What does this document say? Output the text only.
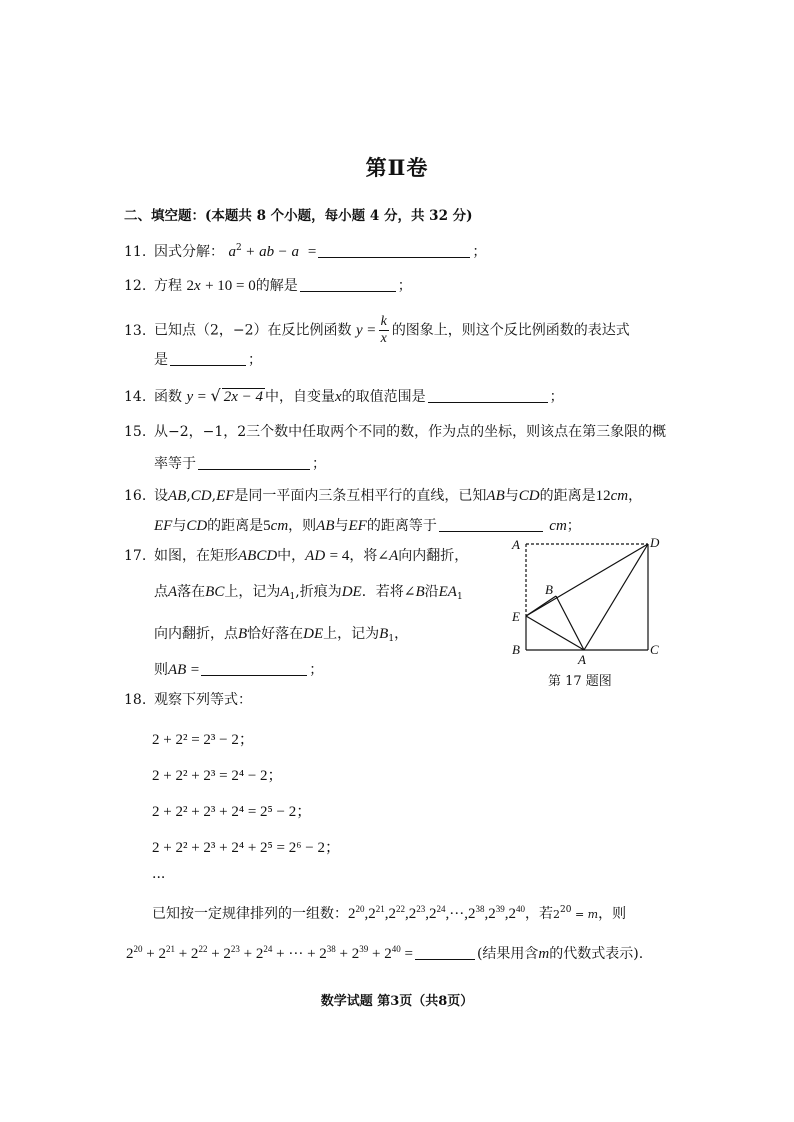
第Ⅱ卷
二、填空题：(本题共 8 个小题，每小题 4 分，共 32 分)
11. 因式分解： $a^2$ + ab − a =	；
12. 方程 2x + 10 = 0的解是	；
13. 已知点（2，−2）在反比例函数 $y = \frac{k}{x}$ 的图象上，则这个反比例函数的表达式
是	；
14. 函数 y = √ 2x − 4 中，自变量x的取值范围是	；
15. 从−2，−1，2三个数中任取两个不同的数，作为点的坐标，则该点在第三象限的概
率等于	；
16. 设AB,CD,EF是同一平面内三条互相平行的直线，已知AB与CD的距离是12cm，
EF与CD的距离是5cm，则AB与EF的距离等于	cm；
17. 如图，在矩形ABCD中，AD = 4，将∠A向内翻折，
点A落在BC上，记为$A_1$,折痕为DE．若将∠B沿$EA_1$
向内翻折，点B恰好落在DE上，记为$B_1$，
则AB =	；
A	D
B
E
B
A
C
第 17 题图
18. 观察下列等式：
2 + 2² = 2³ − 2；
2 + 2² + 2³ = 2⁴ − 2；
2 + 2² + 2³ + 2⁴ = 2⁵ − 2；
2 + 2² + 2³ + 2⁴ + 2⁵ = 2⁶ − 2；
···
已知按一定规律排列的一组数：$2^{20},2^{21},2^{22},2^{23},2^{24},\cdot\cdot\cdot,2^{38},2^{39},2^{40}$，若$2^{20} = m$，则
$2^{20} + 2^{21} + 2^{22} + 2^{23} + 2^{24}$ + ··· + $2^{38} + 2^{39} + 2^{40}$ =	(结果用含m的代数式表示).
数学试题 第3页（共8页）
